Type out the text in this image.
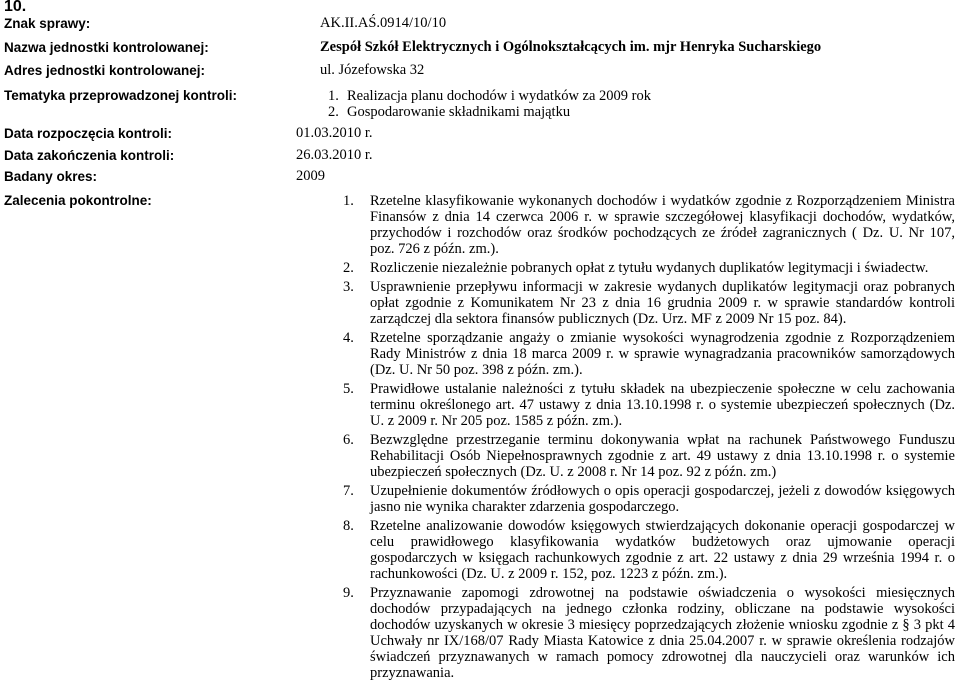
10.
Znak sprawy:	AK.II.AŚ.0914/10/10
Nazwa jednostki kontrolowanej:	Zespół Szkół Elektrycznych i Ogólnokształcących im. mjr Henryka Sucharskiego
Adres jednostki kontrolowanej:	ul. Józefowska 32
Tematyka przeprowadzonej kontroli:	1. Realizacja planu dochodów i wydatków za 2009 rok
2. Gospodarowanie składnikami majątku
Data rozpoczęcia kontroli:	01.03.2010 r.
Data zakończenia kontroli:	26.03.2010 r.
Badany okres:	2009
Zalecenia pokontrolne:	1. Rzetelne klasyfikowanie wykonanych dochodów i wydatków zgodnie z Rozporządzeniem Ministra Finansów z dnia 14 czerwca 2006 r. w sprawie szczegółowej klasyfikacji dochodów, wydatków, przychodów i rozchodów oraz środków pochodzących ze źródeł zagranicznych ( Dz. U. Nr 107, poz. 726 z późn. zm.).
2. Rozliczenie niezależnie pobranych opłat z tytułu wydanych duplikatów legitymacji i świadectw.
3. Usprawnienie przepływu informacji w zakresie wydanych duplikatów legitymacji oraz pobranych opłat zgodnie z Komunikatem Nr 23 z dnia 16 grudnia 2009 r. w sprawie standardów kontroli zarządczej dla sektora finansów publicznych (Dz. Urz. MF z 2009 Nr 15 poz. 84).
4. Rzetelne sporządzanie angaży o zmianie wysokości wynagrodzenia zgodnie z Rozporządzeniem Rady Ministrów z dnia 18 marca 2009 r. w sprawie wynagradzania pracowników samorządowych (Dz. U. Nr 50 poz. 398 z późn. zm.).
5. Prawidłowe ustalanie należności z tytułu składek na ubezpieczenie społeczne w celu zachowania terminu określonego art. 47 ustawy z dnia 13.10.1998 r. o systemie ubezpieczeń społecznych (Dz. U. z 2009 r. Nr 205 poz. 1585 z późn. zm.).
6. Bezwzględne przestrzeganie terminu dokonywania wpłat na rachunek Państwowego Funduszu Rehabilitacji Osób Niepełnosprawnych zgodnie z art. 49 ustawy z dnia 13.10.1998 r. o systemie ubezpieczeń społecznych (Dz. U. z 2008 r. Nr 14 poz. 92 z późn. zm.)
7. Uzupełnienie dokumentów źródłowych o opis operacji gospodarczej, jeżeli z dowodów księgowych jasno nie wynika charakter zdarzenia gospodarczego.
8. Rzetelne analizowanie dowodów księgowych stwierdzających dokonanie operacji gospodarczej w celu prawidłowego klasyfikowania wydatków budżetowych oraz ujmowanie operacji gospodarczych w księgach rachunkowych zgodnie z art. 22 ustawy z dnia 29 września 1994 r. o rachunkowości (Dz. U. z 2009 r. 152, poz. 1223 z późn. zm.).
9. Przyznawanie zapomogi zdrowotnej na podstawie oświadczenia o wysokości miesięcznych dochodów przypadających na jednego członka rodziny, obliczane na podstawie wysokości dochodów uzyskanych w okresie 3 miesięcy poprzedzających złożenie wniosku zgodnie z § 3 pkt 4 Uchwały nr IX/168/07 Rady Miasta Katowice z dnia 25.04.2007 r. w sprawie określenia rodzajów świadczeń przyznawanych w ramach pomocy zdrowotnej dla nauczycieli oraz warunków ich przyznawania.
